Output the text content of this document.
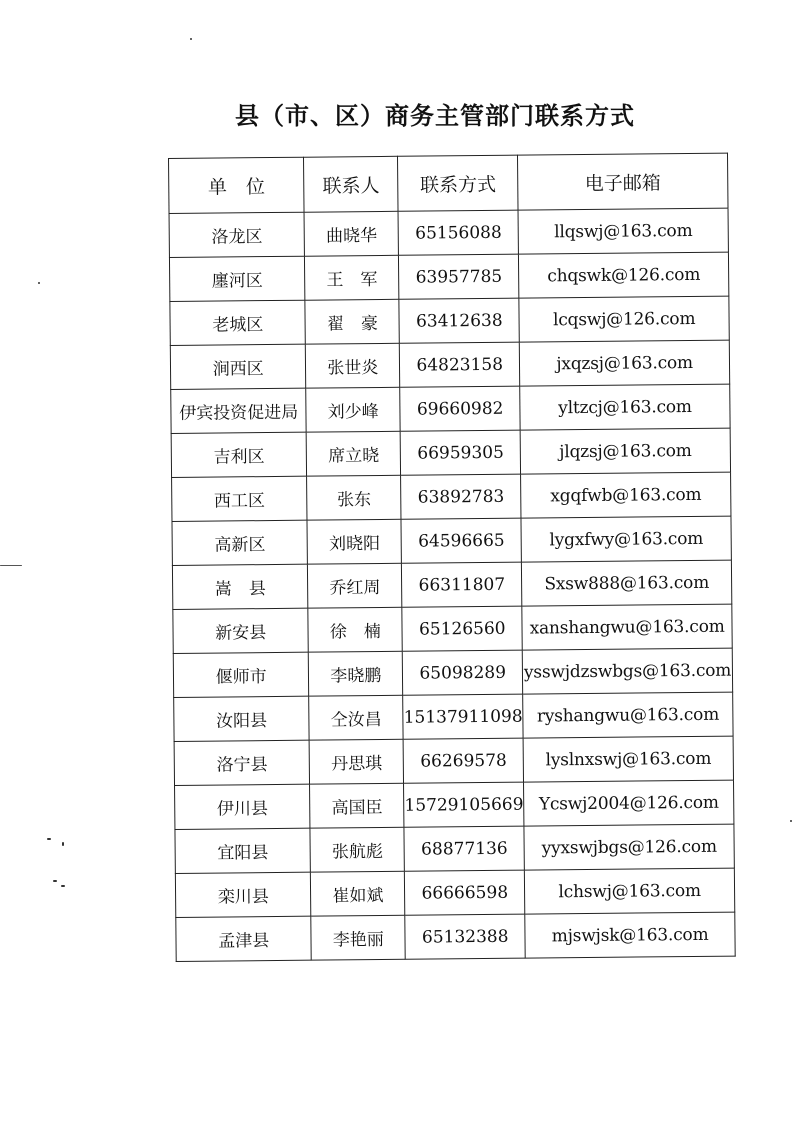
县（市、区）商务主管部门联系方式
单　位	联系人	联系方式	电子邮箱
洛龙区	曲晓华	65156088	llqswj@163.com
廛河区	王　军	63957785	chqswk@126.com
老城区	翟　豪	63412638	lcqswj@126.com
涧西区	张世炎	64823158	jxqzsj@163.com
伊宾投资促进局	刘少峰	69660982	yltzcj@163.com
吉利区	席立晓	66959305	jlqzsj@163.com
西工区	张东	63892783	xgqfwb@163.com
高新区	刘晓阳	64596665	lygxfwy@163.com
嵩　县	乔红周	66311807	Sxsw888@163.com
新安县	徐　楠	65126560	xanshangwu@163.com
偃师市	李晓鹏	65098289	ysswjdzswbgs@163.com
汝阳县	仝汝昌	15137911098	ryshangwu@163.com
洛宁县	丹思琪	66269578	lyslnxswj@163.com
伊川县	高国臣	15729105669	Ycswj2004@126.com
宜阳县	张航彪	68877136	yyxswjbgs@126.com
栾川县	崔如斌	66666598	lchswj@163.com
孟津县	李艳丽	65132388	mjswjsk@163.com
